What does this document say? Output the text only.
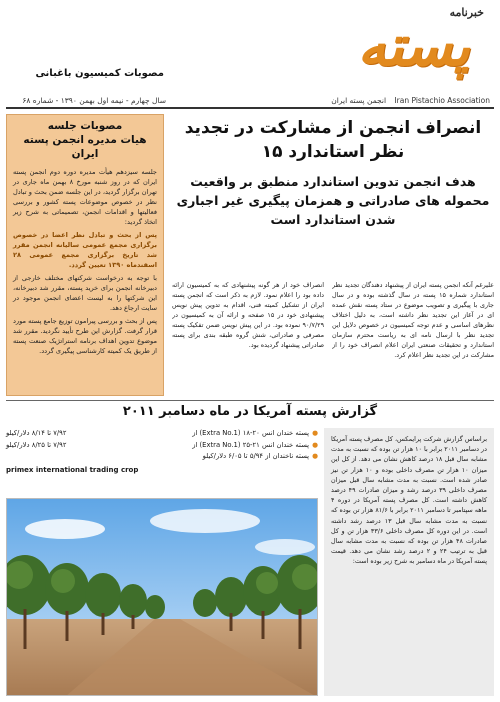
خبرنامه
پسته
مصوبات کمیسیون باغبانی
Iran Pistachio Association انجمن پسته ایران
سال چهارم - نیمه اول بهمن ۱۳۹۰ - شماره ۶۸
مصوبات جلسه
هیات مدیره انجمن پسته ایران

جلسه سیزدهم هیأت مدیره دوره دوم انجمن پسته ایران که در روز شنبه مورخ ۸ بهمن ماه جاری در تهران برگزار گردید، در این جلسه ضمن بحث و تبادل نظر در خصوص موضوعات پسته کشور و بررسی فعالیتها و اقدامات انجمن، تصمیماتی به شرح زیر اتخاذ گردید:

پس از بحث و تبادل نظر اعضا در خصوص برگزاری مجمع عمومی سالیانه انجمن مقرر شد تاریخ برگزاری مجمع عمومی ۲۸ اسفندماه ۱۳۹۰ تعیین گردد.

با توجه به درخواست شرکتهای مختلف خارجی از دبیرخانه انجمن برای خرید پسته، مقرر شد دبیرخانه، این شرکتها را به لیست اعضای انجمن موجود در سایت ارجاع دهد.

پس از بحث و بررسی پیرامون توزیع جامع پسته مورد قرار گرفت. گزارش این طرح تأیید نگردید. مقرر شد موضوع تدوین اهداف برنامه استراتژیک صنعت پسته از طریق یک کمیته کارشناسی پیگیری گردد.

انصراف انجمن از مشارکت در تجدید نظر استاندارد ۱۵
هدف انجمن تدوین استاندارد منطبق بر واقعیت محموله های صادراتی و همزمان پیگیری غیر اجباری شدن استاندارد است
علیرغم آنکه انجمن پسته ایران از پیشنهاد دهندگان تجدید نظر استاندارد شماره ۱۵ پسته در سال گذشته بوده و در سال جاری با پیگیری و تصویب موضوع در ستاد پسته نقش عمده ای در آغاز این تجدید نظر داشته است، به دلیل اختلاف نظرهای اساسی و عدم توجه کمیسیون در خصوص دلایل این تجدید نظر با ارسال نامه ای به ریاست محترم سازمان استاندارد و تحقیقات صنعتی ایران اعلام انصراف خود را از مشارکت در این تجدید نظر اعلام کرد.
انصراف خود از هر گونه پیشنهادی که به کمیسیون ارائه داده بود را اعلام نمود. لازم به ذکر است که انجمن پسته ایران از تشکیل کمیته فنی، اقدام به تدوین پیش نویس پیشنهادی خود در ۱۵ صفحه و ارائه آن به کمیسیون در ۹۰/۷/۲۹ نموده بود. در این پیش نویس ضمن تفکیک پسته مصرفی و صادراتی، شش گروه طبقه بندی برای پسته صادراتی پیشنهاد گردیده بود.
گزارش پسته آمریکا در ماه دسامبر ۲۰۱۱
براساس گزارش شرکت پرایمکس، کل مصرف پسته آمریکا در دسامبر ۲۰۱۱ برابر با ۱۰ هزار تن بوده که نسبت به مدت مشابه سال قبل ۱۸ درصد کاهش نشان می دهد. از کل این میزان ۱۰ هزار تن مصرف داخلی بوده و ۱۰ هزار تن نیز صادر شده است. نسبت به مدت مشابه سال قبل میزان مصرف داخلی ۳۹ درصد رشد و میزان صادرات ۴۹ درصد کاهش داشته است. کل مصرف پسته آمریکا در دوره ۴ ماهه سپتامبر تا دسامبر ۲۰۱۱ برابر با ۸۱/۶ هزار تن بوده که نسبت به مدت مشابه سال قبل ۱۳ درصد رشد داشته است. در این دوره کل مصرف داخلی ۳۳/۶ هزار تن و کل صادرات ۴۸ هزار تن بوده که نسبت به مدت مشابه سال قبل به ترتیب ۲۴ و ۲ درصد رشد نشان می دهد. قیمت پسته آمریکا در ماه دسامبر به شرح زیر بوده است:
●پسته خندان انس ۲۰-۱۸ (Extra No.1) از
۷/۹۲ تا ۸/۱۴ دلار/کیلو
●پسته خندان انس ۲۱-۲۵ (Extra No.1) از
۷/۹۲ تا ۸/۲۵ دلار/کیلو
●پسته ناخندان از ۵/۹۴ تا ۶/۰۵ دلار/کیلو
primex international trading crop
